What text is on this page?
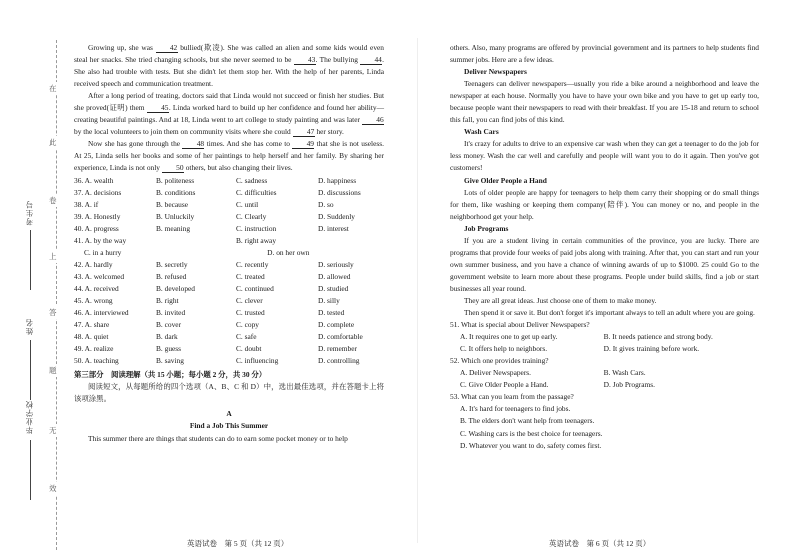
在
此
卷
上
答
题
无
效
考生号
姓名
毕业学校

Growing up, she was 42 bullied(欺凌). She was called an alien and some kids would even steal her snacks. She tried changing schools, but she never seemed to be 43. The bullying 44. She also had trouble with tests. But she didn't let them stop her. With the help of her parents, Linda received speech and communication treatment.

After a long period of treating, doctors said that Linda would not succeed or finish her studies. But she proved(证明) them 45. Linda worked hard to build up her confidence and found her ability—creating beautiful paintings. And at 18, Linda went to art college to study painting and was later 46 by the local volunteers to join them on community visits where she could 47 her story.

Now she has gone through the 48 times. And she has come to 49 that she is not useless. At 25, Linda sells her books and some of her paintings to help herself and her family. By sharing her experience, Linda is not only 50 others, but also changing their lives.

36. A. wealth	B. politeness	C. sadness	D. happiness
37. A. decisions	B. conditions	C. difficulties	D. discussions
38. A. if	B. because	C. until	D. so
39. A. Honestly	B. Unluckily	C. Clearly	D. Suddenly
40. A. progress	B. meaning	C. instruction	D. interest
41. A. by the way	B. right away
C. in a hurry	D. on her own
42. A. hardly	B. secretly	C. recently	D. seriously
43. A. welcomed	B. refused	C. treated	D. allowed
44. A. received	B. developed	C. continued	D. studied
45. A. wrong	B. right	C. clever	D. silly
46. A. interviewed	B. invited	C. trusted	D. tested
47. A. share	B. cover	C. copy	D. complete
48. A. quiet	B. dark	C. safe	D. comfortable
49. A. realize	B. guess	C. doubt	D. remember
50. A. teaching	B. saving	C. influencing	D. controlling

第三部分　阅读理解（共 15 小题；每小题 2 分，共 30 分）

阅读短文，从每题所给的四个选项（A、B、C 和 D）中，选出最佳选项，并在答题卡上将该项涂黑。

A

Find a Job This Summer

This summer there are things that students can do to earn some pocket money or to help

others. Also, many programs are offered by provincial government and its partners to help students find summer jobs. Here are a few ideas.

Deliver Newspapers

Teenagers can deliver newspapers—usually you ride a bike around a neighborhood and leave the newspaper at each house. Normally you have to have your own bike and you have to get up early too, because people want their newspapers to read with their breakfast. If you are 15-18 and return to school this fall, you can find jobs of this kind.

Wash Cars

It's crazy for adults to drive to an expensive car wash when they can get a teenager to do the job for less money. Wash the car well and carefully and people will want you to do it again. Then you've got customers!

Give Older People a Hand

Lots of older people are happy for teenagers to help them carry their shopping or do small things for them, like washing or keeping them company(陪伴). You can money or no, and people in the neighborhood get your help.

Job Programs

If you are a student living in certain communities of the province, you are lucky. There are programs that provide four weeks of paid jobs along with training. After that, you can start and run your own summer business, and you have a chance of winning awards of up to $1000. 25 could Go to the government website to learn more about these programs. People under build skills, find a job or start businesses all year round.

They are all great ideas. Just choose one of them to make money.

Then spend it or save it. But don't forget it's important always to tell an adult where you are going.

51. What is special about Deliver Newspapers?

A. It requires one to get up early.	B. It needs patience and strong body.
C. It offers help to neighbors.	D. It gives training before work.

52. Which one provides training?

A. Deliver Newspapers.	B. Wash Cars.
C. Give Older People a Hand.	D. Job Programs.

53. What can you learn from the passage?

A. It's hard for teenagers to find jobs.

B. The elders don't want help from teenagers.

C. Washing cars is the best choice for teenagers.

D. Whatever you want to do, safety comes first.

英语试卷　第 5 页（共 12 页）	英语试卷　第 6 页（共 12 页）
